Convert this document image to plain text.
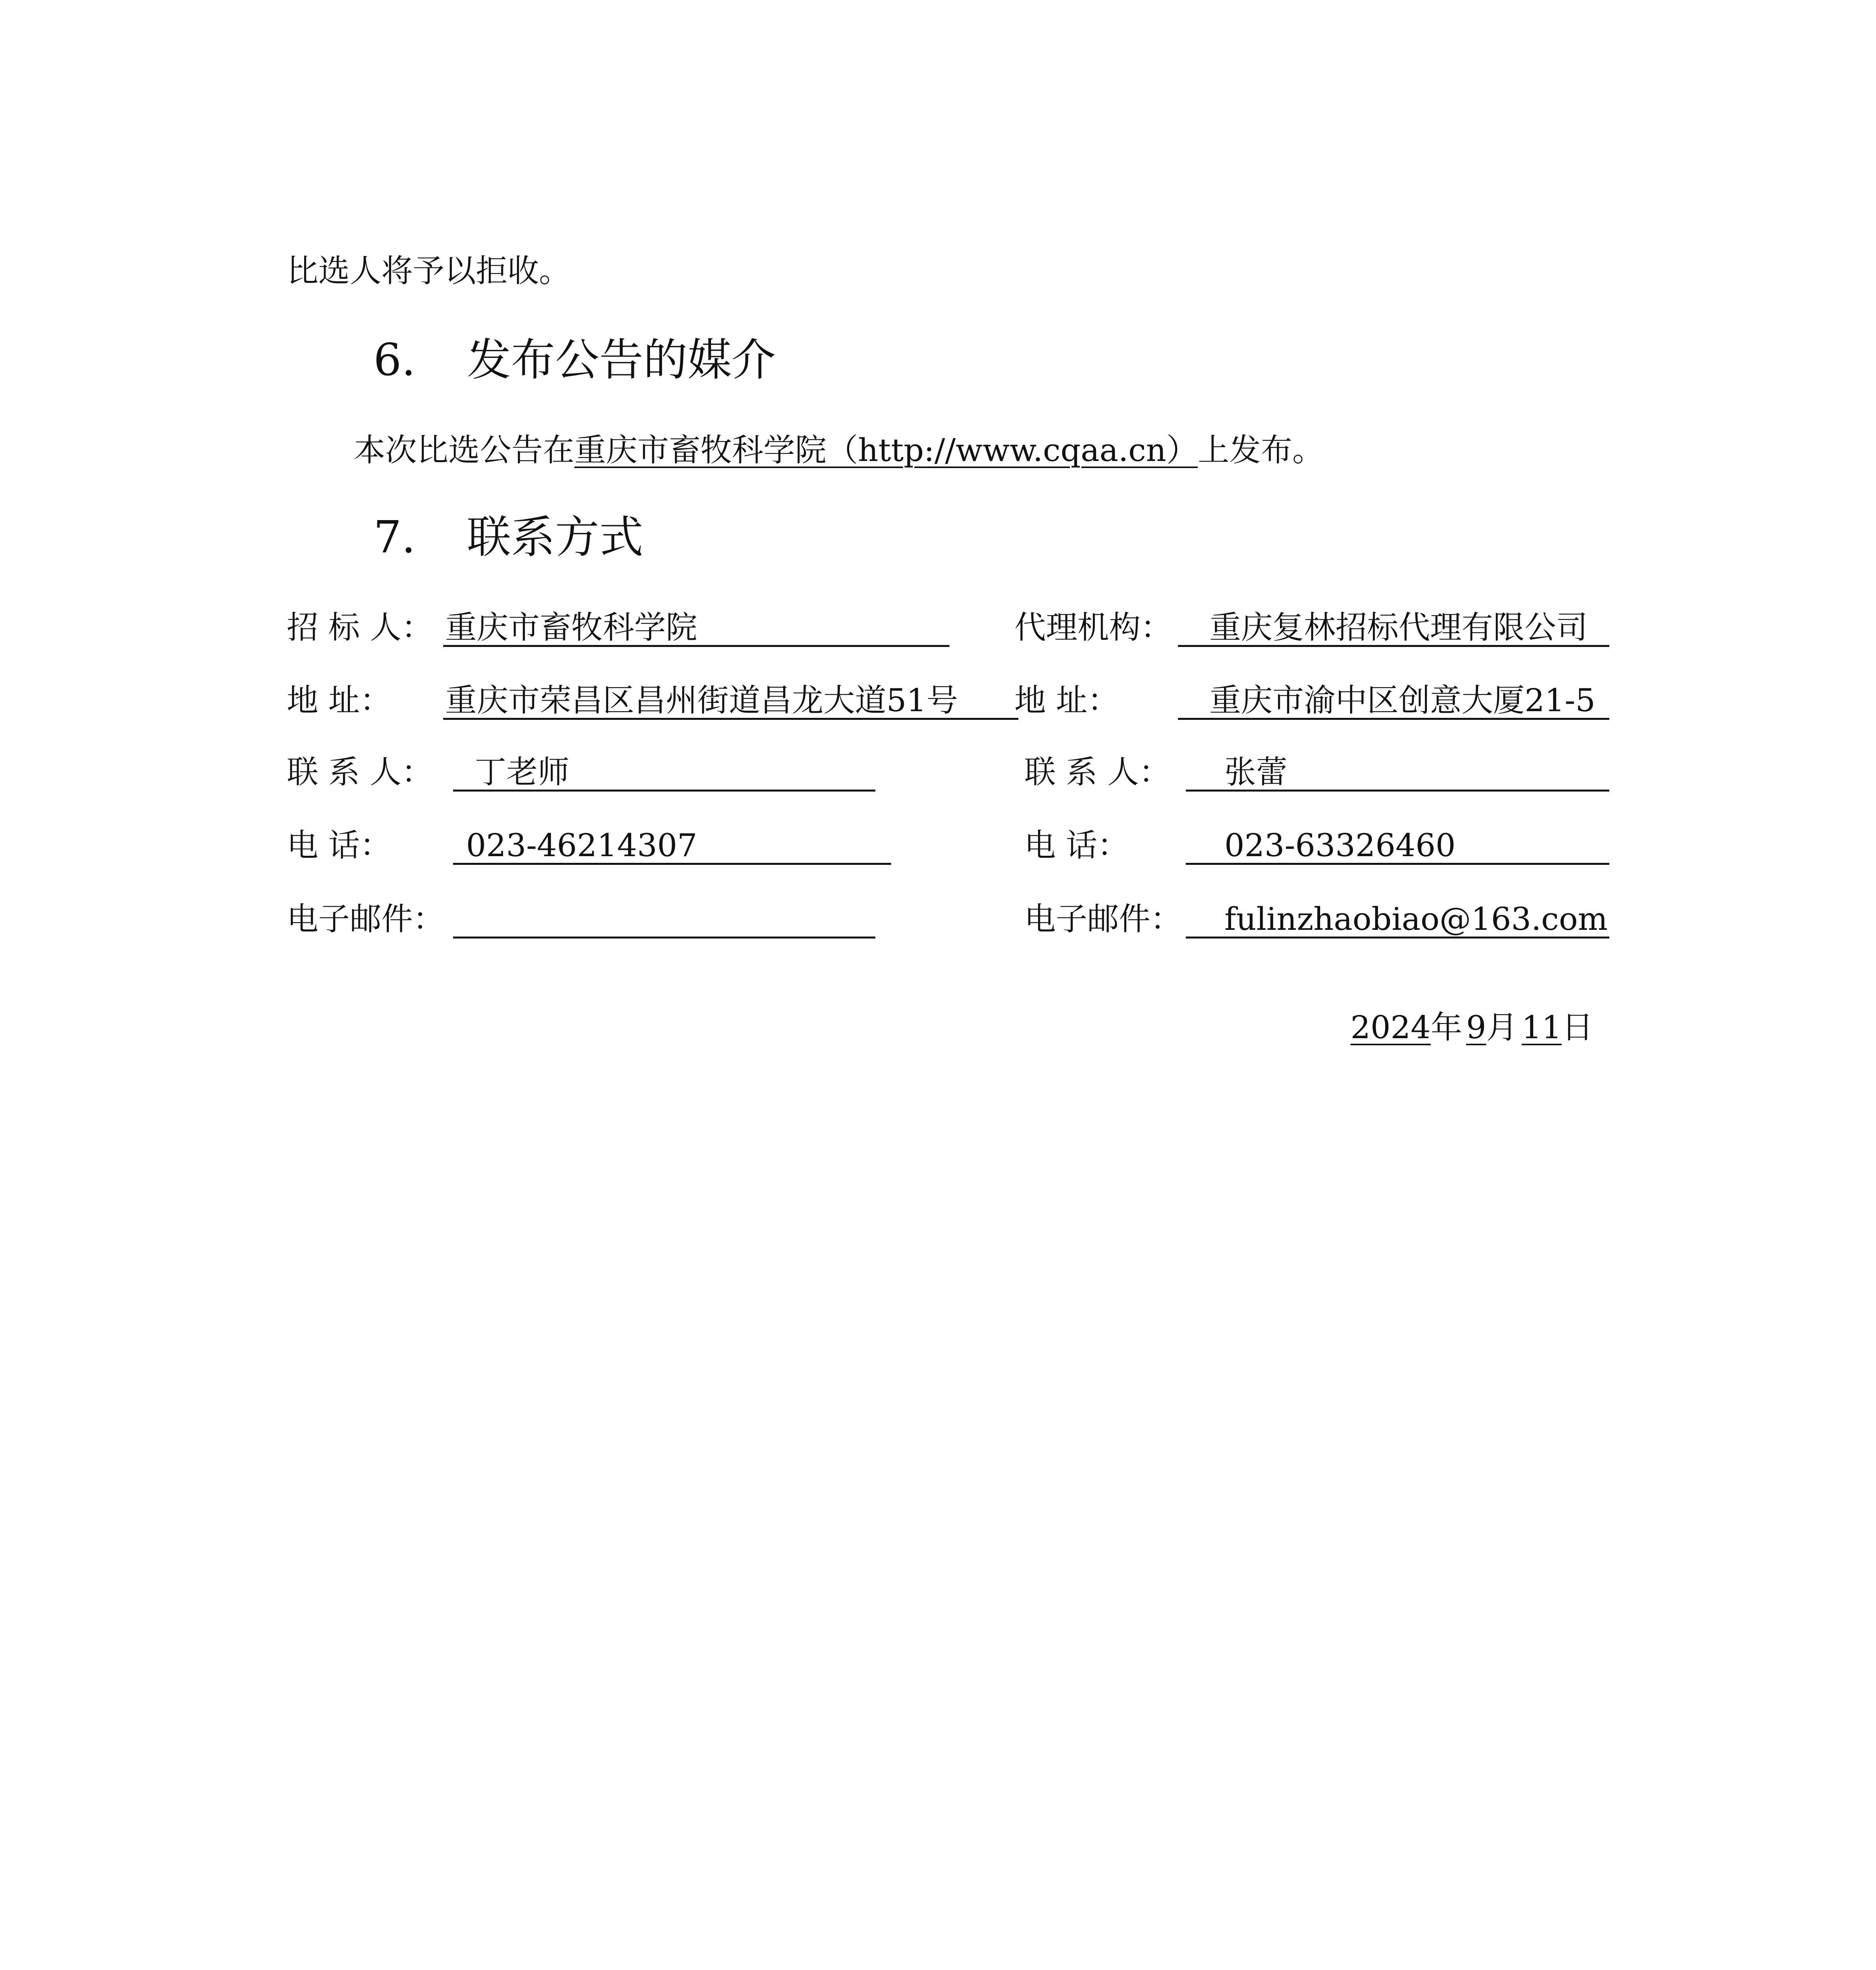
比选人将予以拒收。
6. 发布公告的媒介
本次比选公告在重庆市畜牧科学院（http://www.cqaa.cn）上发布。
7. 联系方式
招 标 人： 重庆市畜牧科学院
地 址： 重庆市荣昌区昌州街道昌龙大道51号
联 系 人： 丁老师
电 话： 023-46214307
电子邮件：
代理机构： 重庆复林招标代理有限公司
地 址：	重庆市渝中区创意大厦21-5
联 系 人： 张蕾
电 话：	023-63326460
电子邮件： fulinzhaobiao@163.com
2024年 9月 11日
